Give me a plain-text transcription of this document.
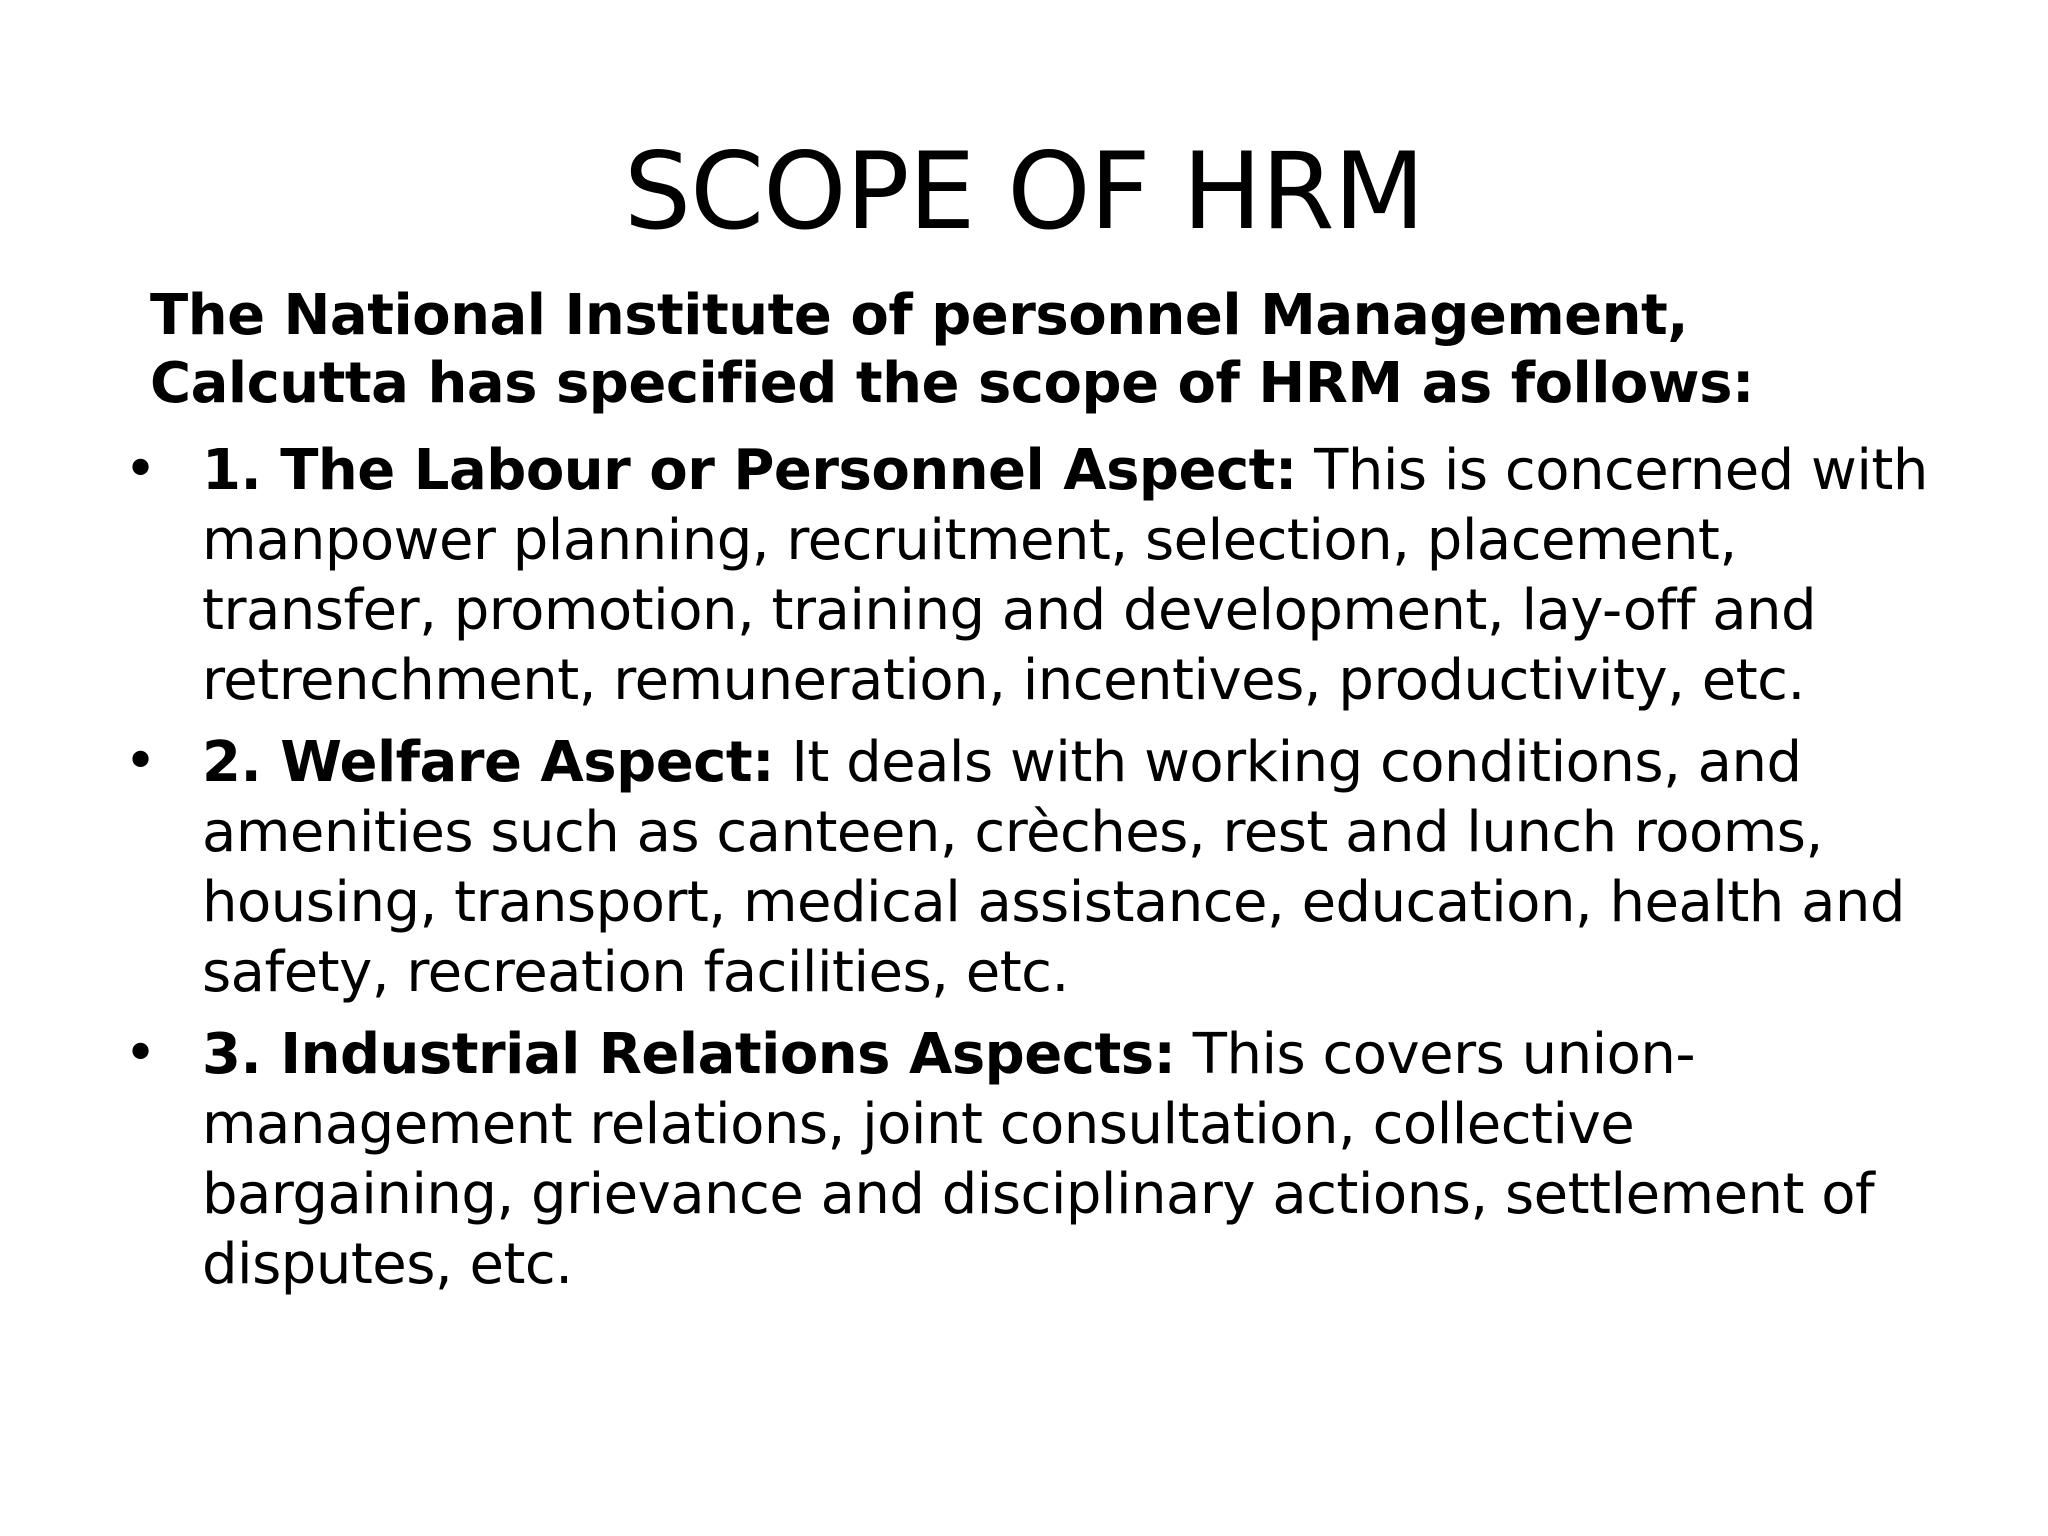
SCOPE OF HRM
The National Institute of personnel Management, Calcutta has specified the scope of HRM as follows:
• 1. The Labour or Personnel Aspect: This is concerned with manpower planning, recruitment, selection, placement, transfer, promotion, training and development, lay-off and retrenchment, remuneration, incentives, productivity, etc.
• 2. Welfare Aspect: It deals with working conditions, and amenities such as canteen, crèches, rest and lunch rooms, housing, transport, medical assistance, education, health and safety, recreation facilities, etc.
• 3. Industrial Relations Aspects: This covers union-management relations, joint consultation, collective bargaining, grievance and disciplinary actions, settlement of disputes, etc.
